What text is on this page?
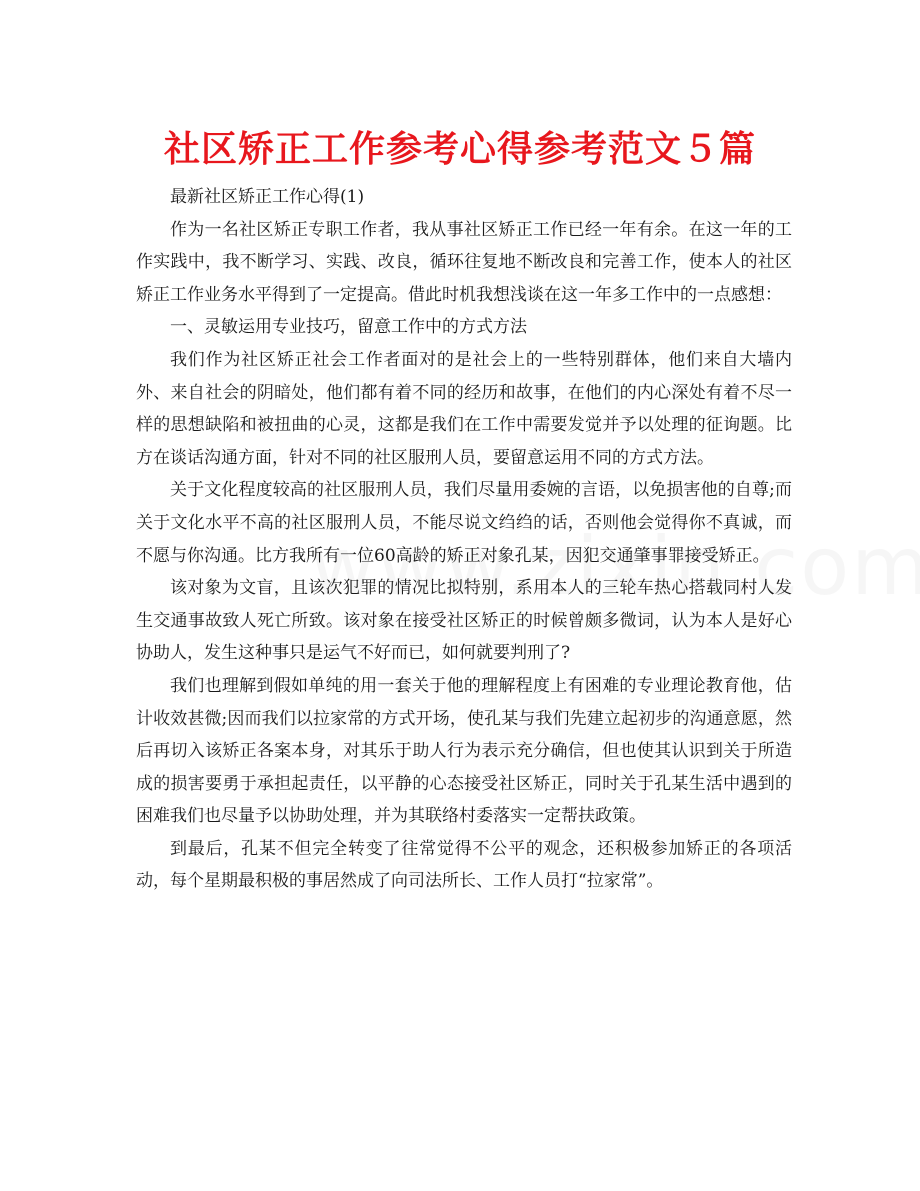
社区矫正工作参考心得参考范文５篇

最新社区矫正工作心得(1)

作为一名社区矫正专职工作者，我从事社区矫正工作已经一年有余。在这一年的工作实践中，我不断学习、实践、改良，循环往复地不断改良和完善工作，使本人的社区矫正工作业务水平得到了一定提高。借此时机我想浅谈在这一年多工作中的一点感想：

一、灵敏运用专业技巧，留意工作中的方式方法

我们作为社区矫正社会工作者面对的是社会上的一些特别群体，他们来自大墙内外、来自社会的阴暗处，他们都有着不同的经历和故事，在他们的内心深处有着不尽一样的思想缺陷和被扭曲的心灵，这都是我们在工作中需要发觉并予以处理的征询题。比方在谈话沟通方面，针对不同的社区服刑人员，要留意运用不同的方式方法。

关于文化程度较高的社区服刑人员，我们尽量用委婉的言语，以免损害他的自尊;而关于文化水平不高的社区服刑人员，不能尽说文绉绉的话，否则他会觉得你不真诚，而不愿与你沟通。比方我所有一位60高龄的矫正对象孔某，因犯交通肇事罪接受矫正。

该对象为文盲，且该次犯罪的情况比拟特别，系用本人的三轮车热心搭载同村人发生交通事故致人死亡所致。该对象在接受社区矫正的时候曾颇多微词，认为本人是好心协助人，发生这种事只是运气不好而已，如何就要判刑了?

我们也理解到假如单纯的用一套关于他的理解程度上有困难的专业理论教育他，估计收效甚微;因而我们以拉家常的方式开场，使孔某与我们先建立起初步的沟通意愿，然后再切入该矫正各案本身，对其乐于助人行为表示充分确信，但也使其认识到关于所造成的损害要勇于承担起责任，以平静的心态接受社区矫正，同时关于孔某生活中遇到的困难我们也尽量予以协助处理，并为其联络村委落实一定帮扶政策。

到最后，孔某不但完全转变了往常觉得不公平的观念，还积极参加矫正的各项活动，每个星期最积极的事居然成了向司法所长、工作人员打“拉家常”。
